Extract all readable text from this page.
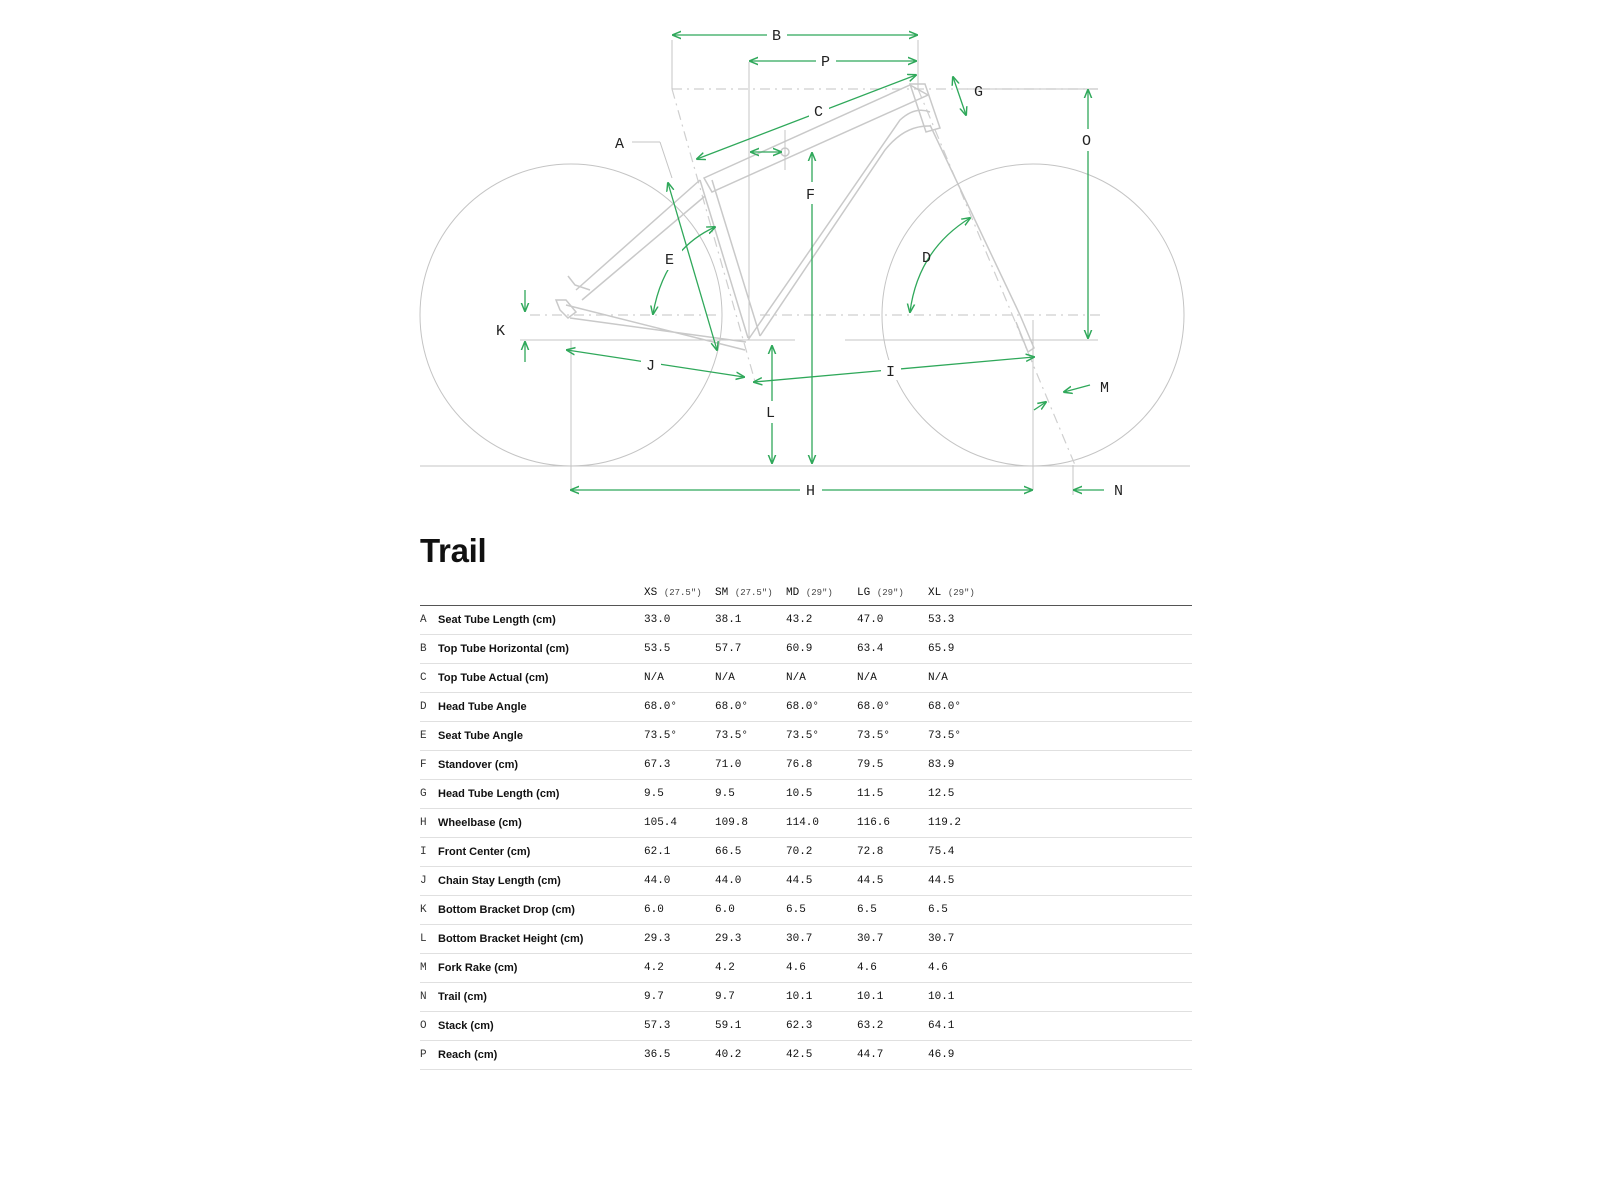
A
B
C
D
E
F
G
H
I
J
K
L
M
N
O
P
Trail
		XS (27.5")	SM (27.5")	MD (29")	LG (29")	XL (29")	
A	Seat Tube Length (cm)	33.0	38.1	43.2	47.0	53.3	
B	Top Tube Horizontal (cm)	53.5	57.7	60.9	63.4	65.9	
C	Top Tube Actual (cm)	N/A	N/A	N/A	N/A	N/A	
D	Head Tube Angle	68.0°	68.0°	68.0°	68.0°	68.0°	
E	Seat Tube Angle	73.5°	73.5°	73.5°	73.5°	73.5°	
F	Standover (cm)	67.3	71.0	76.8	79.5	83.9	
G	Head Tube Length (cm)	9.5	9.5	10.5	11.5	12.5	
H	Wheelbase (cm)	105.4	109.8	114.0	116.6	119.2	
I	Front Center (cm)	62.1	66.5	70.2	72.8	75.4	
J	Chain Stay Length (cm)	44.0	44.0	44.5	44.5	44.5	
K	Bottom Bracket Drop (cm)	6.0	6.0	6.5	6.5	6.5	
L	Bottom Bracket Height (cm)	29.3	29.3	30.7	30.7	30.7	
M	Fork Rake (cm)	4.2	4.2	4.6	4.6	4.6	
N	Trail (cm)	9.7	9.7	10.1	10.1	10.1	
O	Stack (cm)	57.3	59.1	62.3	63.2	64.1	
P	Reach (cm)	36.5	40.2	42.5	44.7	46.9	
